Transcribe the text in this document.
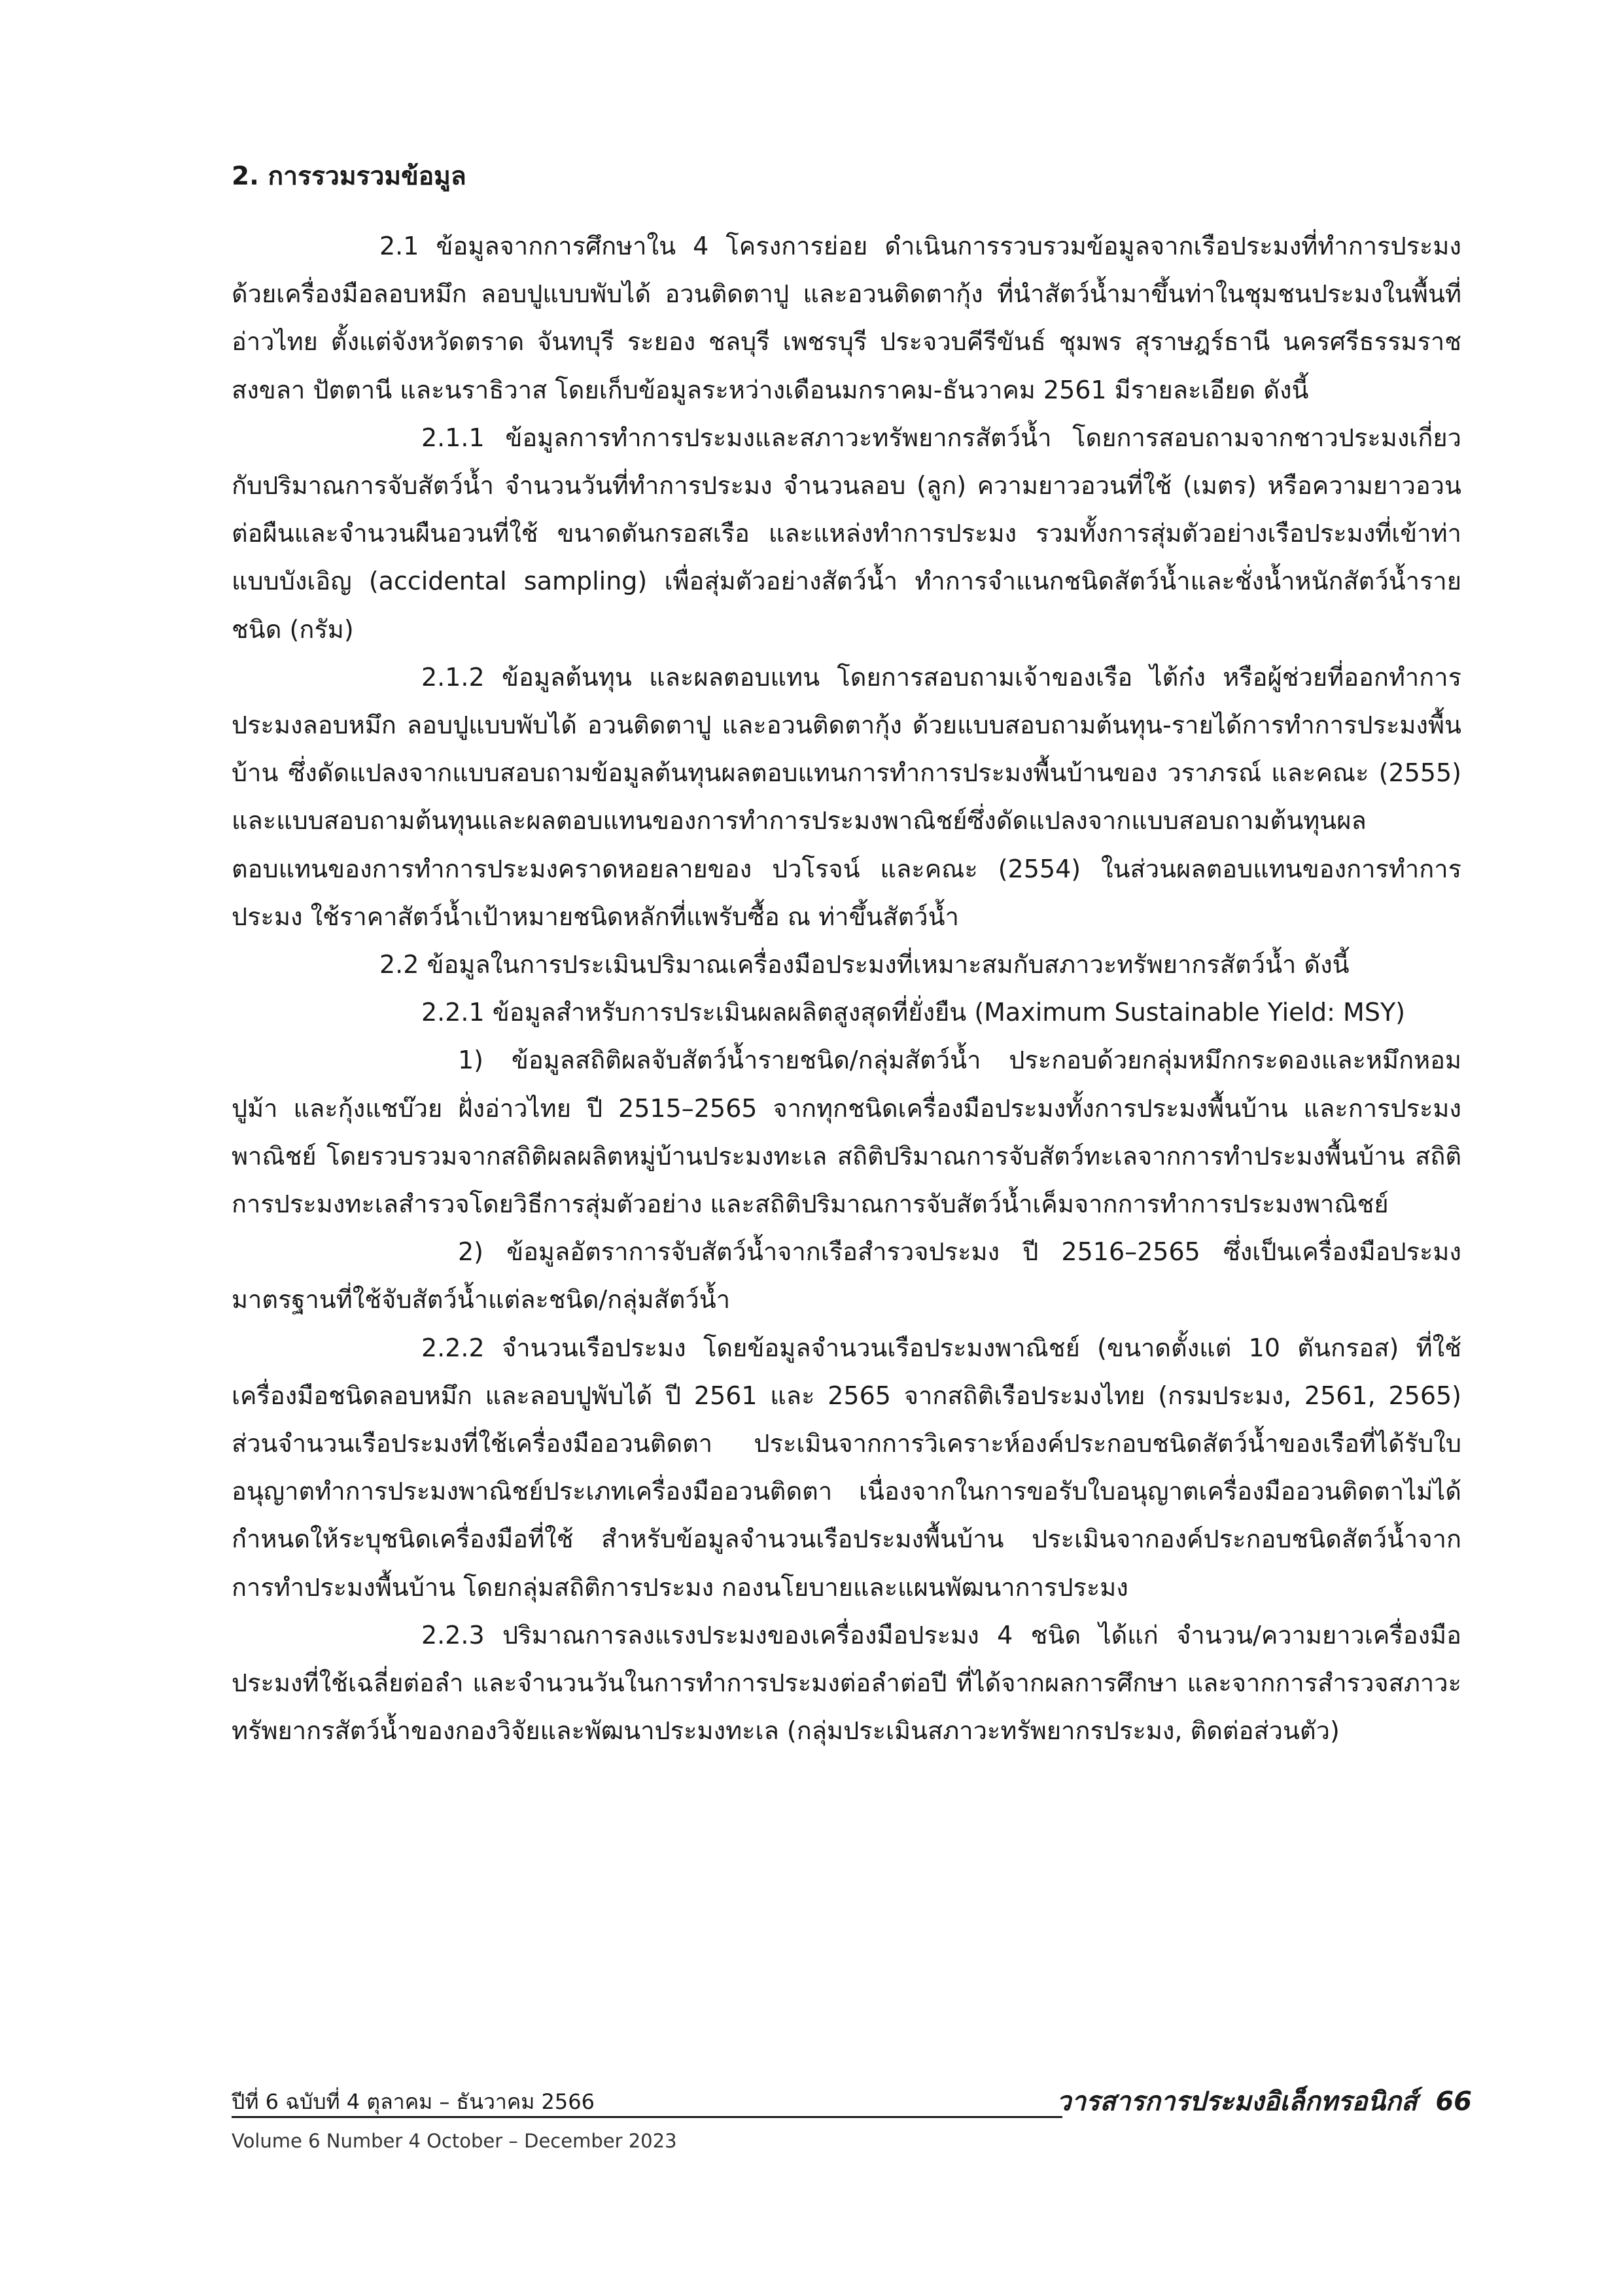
2. การรวมรวมข้อมูล

2.1 ข้อมูลจากการศึกษาใน 4 โครงการย่อย ดำเนินการรวบรวมข้อมูลจากเรือประมงที่ทำการประมงด้วยเครื่องมือลอบหมึก ลอบปูแบบพับได้ อวนติดตาปู และอวนติดตากุ้ง ที่นำสัตว์น้ำมาขึ้นท่าในชุมชนประมงในพื้นที่อ่าวไทย ตั้งแต่จังหวัดตราด จันทบุรี ระยอง ชลบุรี เพชรบุรี ประจวบคีรีขันธ์ ชุมพร สุราษฎร์ธานี นครศรีธรรมราช สงขลา ปัตตานี และนราธิวาส โดยเก็บข้อมูลระหว่างเดือนมกราคม-ธันวาคม 2561 มีรายละเอียด ดังนี้

2.1.1 ข้อมูลการทำการประมงและสภาวะทรัพยากรสัตว์น้ำ โดยการสอบถามจากชาวประมงเกี่ยวกับปริมาณการจับสัตว์น้ำ จำนวนวันที่ทำการประมง จำนวนลอบ (ลูก) ความยาวอวนที่ใช้ (เมตร) หรือความยาวอวนต่อผืนและจำนวนผืนอวนที่ใช้ ขนาดตันกรอสเรือ และแหล่งทำการประมง รวมทั้งการสุ่มตัวอย่างเรือประมงที่เข้าท่าแบบบังเอิญ (accidental sampling) เพื่อสุ่มตัวอย่างสัตว์น้ำ ทำการจำแนกชนิดสัตว์น้ำและชั่งน้ำหนักสัตว์น้ำรายชนิด (กรัม)

2.1.2 ข้อมูลต้นทุน และผลตอบแทน โดยการสอบถามเจ้าของเรือ ไต้ก๋ง หรือผู้ช่วยที่ออกทำการประมงลอบหมึก ลอบปูแบบพับได้ อวนติดตาปู และอวนติดตากุ้ง ด้วยแบบสอบถามต้นทุน-รายได้การทำการประมงพื้นบ้าน ซึ่งดัดแปลงจากแบบสอบถามข้อมูลต้นทุนผลตอบแทนการทำการประมงพื้นบ้านของ วราภรณ์ และคณะ (2555) และแบบสอบถามต้นทุนและผลตอบแทนของการทำการประมงพาณิชย์ซึ่งดัดแปลงจากแบบสอบถามต้นทุนผลตอบแทนของการทำการประมงคราดหอยลายของ ปวโรจน์ และคณะ (2554) ในส่วนผลตอบแทนของการทำการประมง ใช้ราคาสัตว์น้ำเป้าหมายชนิดหลักที่แพรับซื้อ ณ ท่าขึ้นสัตว์น้ำ

2.2 ข้อมูลในการประเมินปริมาณเครื่องมือประมงที่เหมาะสมกับสภาวะทรัพยากรสัตว์น้ำ ดังนี้

2.2.1 ข้อมูลสำหรับการประเมินผลผลิตสูงสุดที่ยั่งยืน (Maximum Sustainable Yield: MSY)

1) ข้อมูลสถิติผลจับสัตว์น้ำรายชนิด/กลุ่มสัตว์น้ำ ประกอบด้วยกลุ่มหมึกกระดองและหมึกหอม ปูม้า และกุ้งแชบ๊วย ฝั่งอ่าวไทย ปี 2515–2565 จากทุกชนิดเครื่องมือประมงทั้งการประมงพื้นบ้าน และการประมงพาณิชย์ โดยรวบรวมจากสถิติผลผลิตหมู่บ้านประมงทะเล สถิติปริมาณการจับสัตว์ทะเลจากการทำประมงพื้นบ้าน สถิติการประมงทะเลสำรวจโดยวิธีการสุ่มตัวอย่าง และสถิติปริมาณการจับสัตว์น้ำเค็มจากการทำการประมงพาณิชย์

2) ข้อมูลอัตราการจับสัตว์น้ำจากเรือสำรวจประมง ปี 2516–2565 ซึ่งเป็นเครื่องมือประมงมาตรฐานที่ใช้จับสัตว์น้ำแต่ละชนิด/กลุ่มสัตว์น้ำ

2.2.2 จำนวนเรือประมง โดยข้อมูลจำนวนเรือประมงพาณิชย์ (ขนาดตั้งแต่ 10 ตันกรอส) ที่ใช้เครื่องมือชนิดลอบหมึก และลอบปูพับได้ ปี 2561 และ 2565 จากสถิติเรือประมงไทย (กรมประมง, 2561, 2565) ส่วนจำนวนเรือประมงที่ใช้เครื่องมืออวนติดตา ประเมินจากการวิเคราะห์องค์ประกอบชนิดสัตว์น้ำของเรือที่ได้รับใบอนุญาตทำการประมงพาณิชย์ประเภทเครื่องมืออวนติดตา เนื่องจากในการขอรับใบอนุญาตเครื่องมืออวนติดตาไม่ได้กำหนดให้ระบุชนิดเครื่องมือที่ใช้ สำหรับข้อมูลจำนวนเรือประมงพื้นบ้าน ประเมินจากองค์ประกอบชนิดสัตว์น้ำจากการทำประมงพื้นบ้าน โดยกลุ่มสถิติการประมง กองนโยบายและแผนพัฒนาการประมง

2.2.3 ปริมาณการลงแรงประมงของเครื่องมือประมง 4 ชนิด ได้แก่ จำนวน/ความยาวเครื่องมือประมงที่ใช้เฉลี่ยต่อลำ และจำนวนวันในการทำการประมงต่อลำต่อปี ที่ได้จากผลการศึกษา และจากการสำรวจสภาวะทรัพยากรสัตว์น้ำของกองวิจัยและพัฒนาประมงทะเล (กลุ่มประเมินสภาวะทรัพยากรประมง, ติดต่อส่วนตัว)

ปีที่ 6 ฉบับที่ 4 ตุลาคม – ธันวาคม 2566	วารสารการประมงอิเล็กทรอนิกส์ 66
Volume 6 Number 4 October – December 2023
